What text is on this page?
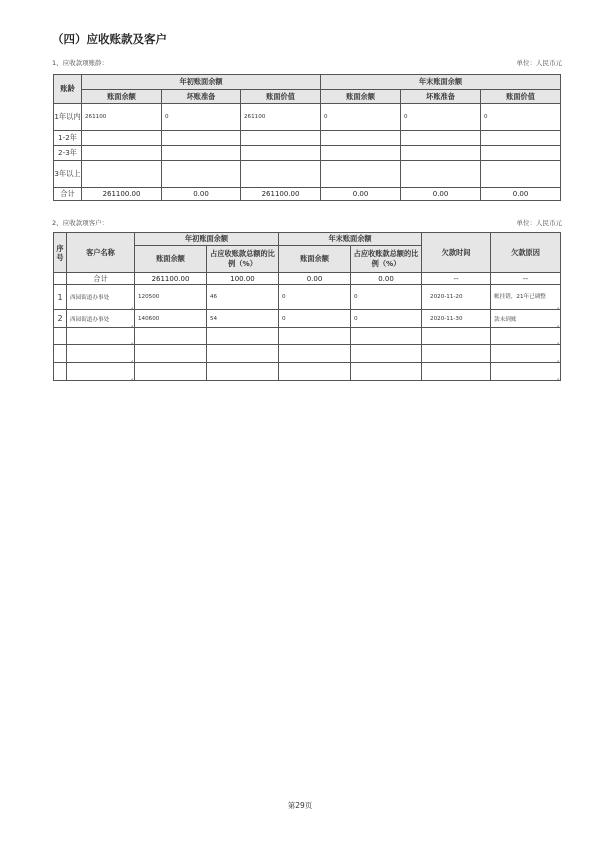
（四）应收账款及客户
1、应收款项账龄：	单位：人民币元
账龄	年初账面余额			年末账面余额		
	账面余额	坏账准备	账面价值	账面余额	坏账准备	账面价值
1年以内	261100	0	261100	0	0	0
1-2年						
2-3年						
3年以上						
合计	261100.00	0.00	261100.00	0.00	0.00	0.00
2、应收款项客户：	单位：人民币元
序号	客户名称	年初账面余额		年末账面余额		欠款时间	欠款原因
		账面余额	占应收账款总额的比例（%）	账面余额	占应收账款总额的比例（%）		
	合计	261100.00	100.00	0.00	0.00	--	--
1	西园街道办事处	120500	46	0	0	2020-11-20	帐挂错，21年已调整

2	西园街道办事处	140600	54	0	0	2020-11-30	款未到账

第29页
